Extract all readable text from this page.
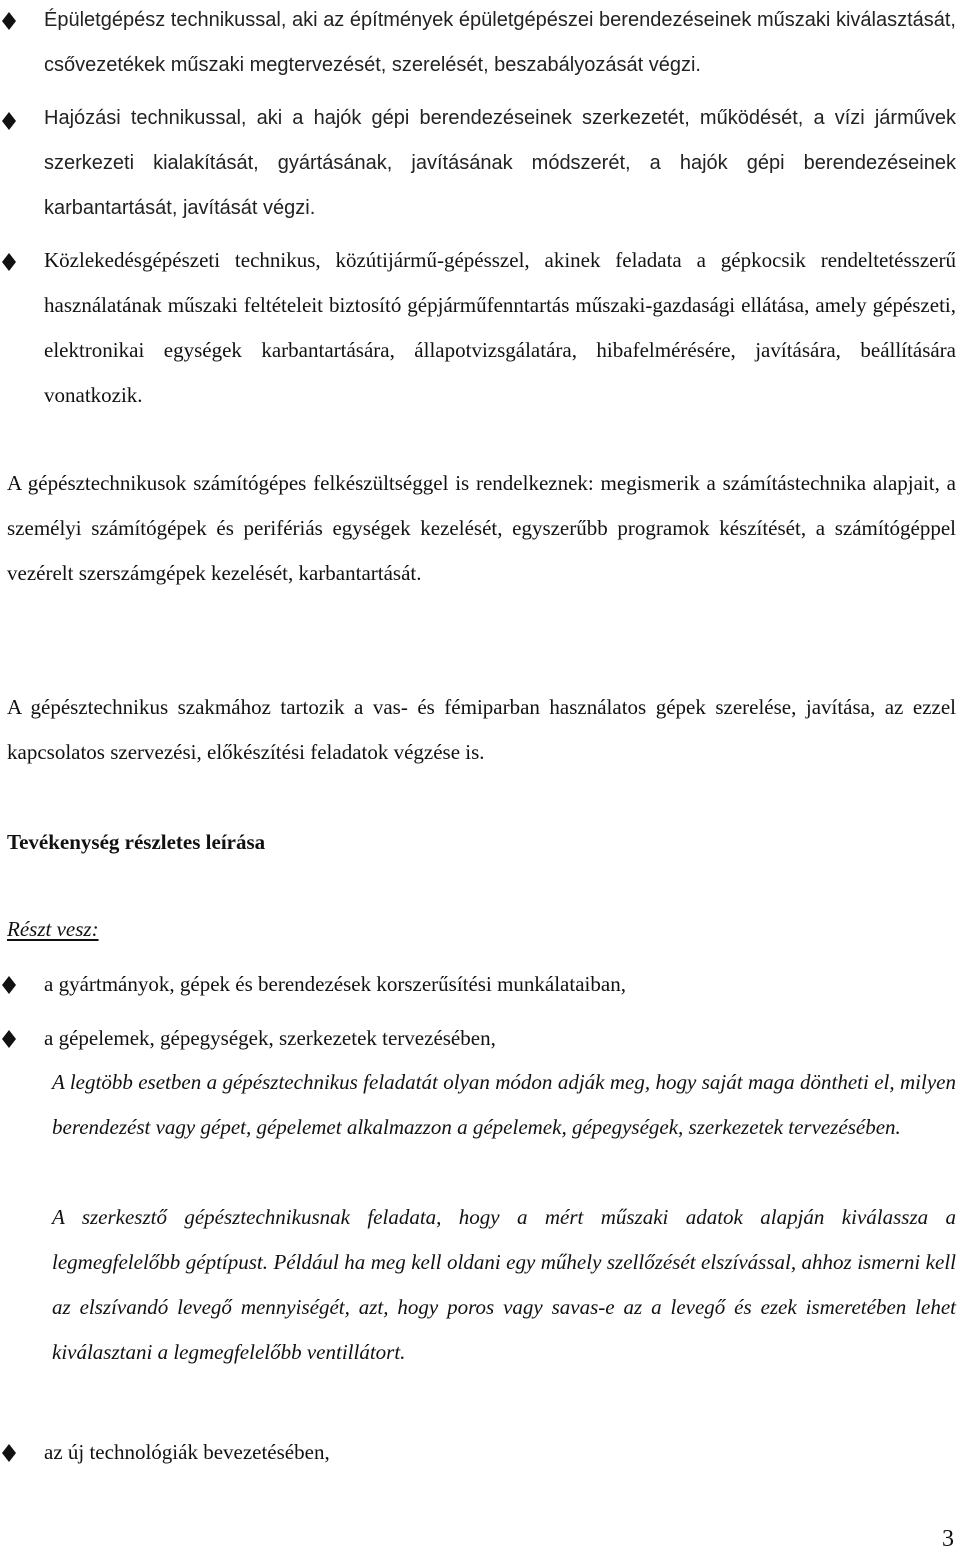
Épületgépész technikussal, aki az építmények épületgépészei berendezéseinek műszaki kiválasztását, csővezetékek műszaki megtervezését, szerelését, beszabályozását végzi.
Hajózási technikussal, aki a hajók gépi berendezéseinek szerkezetét, működését, a vízi járművek szerkezeti kialakítását, gyártásának, javításának módszerét, a hajók gépi berendezéseinek karbantartását, javítását végzi.
Közlekedésgépészeti technikus, közútijármű-gépésszel, akinek feladata a gépkocsik rendeltetésszerű használatának műszaki feltételeit biztosító gépjárműfenntartás műszaki-gazdasági ellátása, amely gépészeti, elektronikai egységek karbantartására, állapotvizsgálatára, hibafelmérésére, javítására, beállítására vonatkozik.
A gépésztechnikusok számítógépes felkészültséggel is rendelkeznek: megismerik a számítástechnika alapjait, a személyi számítógépek és perifériás egységek kezelését, egyszerűbb programok készítését, a számítógéppel vezérelt szerszámgépek kezelését, karbantartását.
A gépésztechnikus szakmához tartozik a vas- és fémiparban használatos gépek szerelése, javítása, az ezzel kapcsolatos szervezési, előkészítési feladatok végzése is.
Tevékenység részletes leírása
Részt vesz:
a gyártmányok, gépek és berendezések korszerűsítési munkálataiban,
a gépelemek, gépegységek, szerkezetek tervezésében,
A legtöbb esetben a gépésztechnikus feladatát olyan módon adják meg, hogy saját maga döntheti el, milyen berendezést vagy gépet, gépelemet alkalmazzon a gépelemek, gépegységek, szerkezetek tervezésében.
A szerkesztő gépésztechnikusnak feladata, hogy a mért műszaki adatok alapján kiválassza a legmegfelelőbb géptípust. Például ha meg kell oldani egy műhely szellőzését elszívással, ahhoz ismerni kell az elszívandó levegő mennyiségét, azt, hogy poros vagy savas-e az a levegő és ezek ismeretében lehet kiválasztani a legmegfelelőbb ventillátort.
az új technológiák bevezetésében,
3
